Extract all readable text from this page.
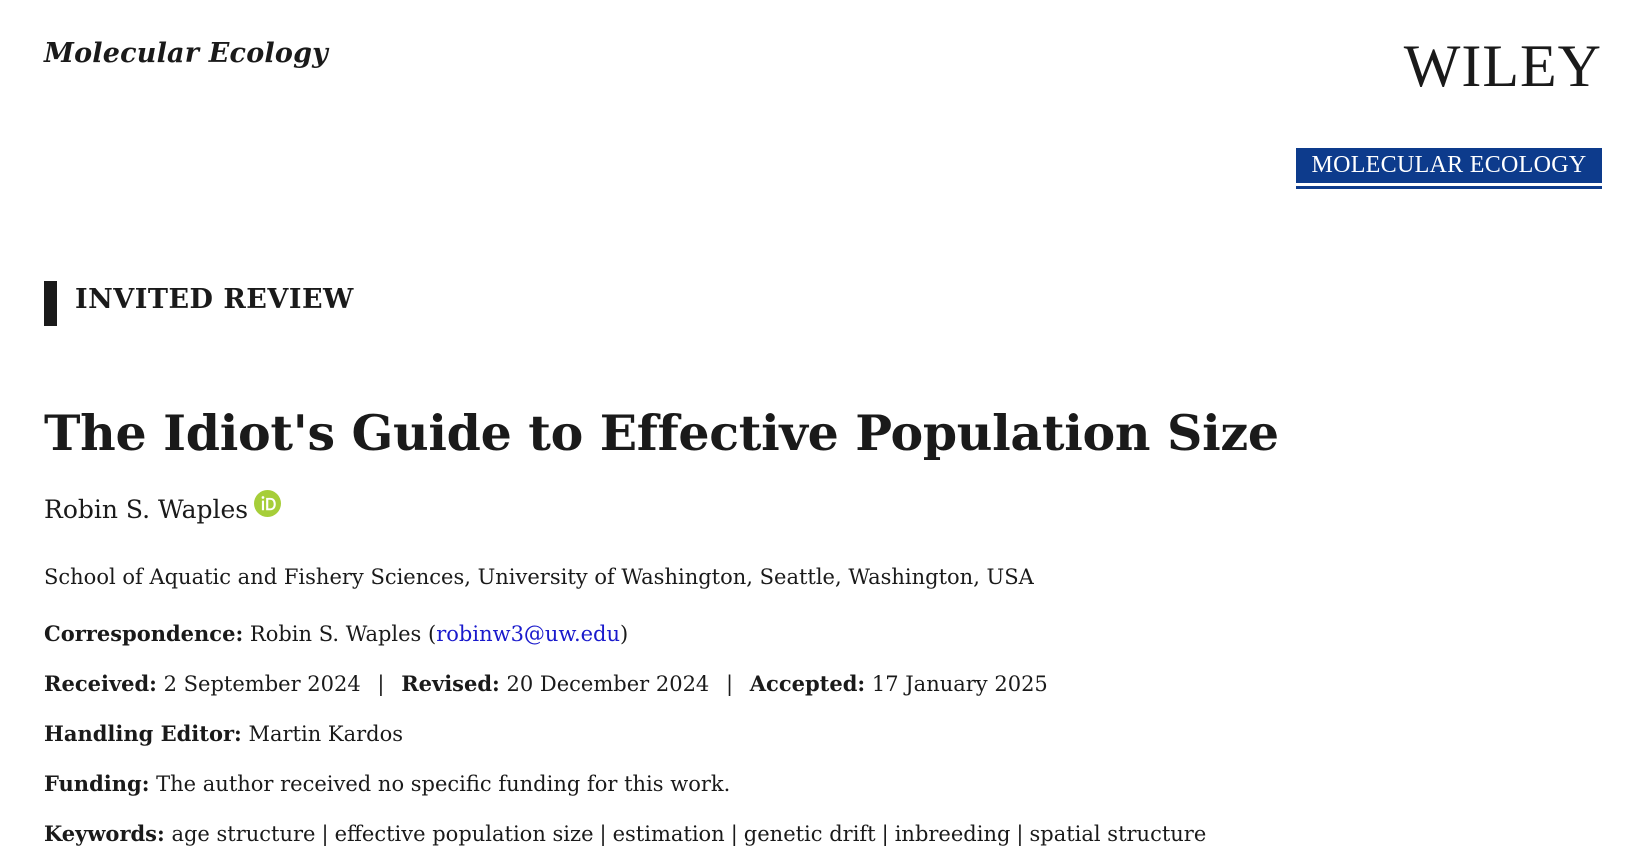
Molecular Ecology	WILEY
MOLECULAR ECOLOGY
INVITED REVIEW
The Idiot's Guide to Effective Population Size
Robin S. Waples
School of Aquatic and Fishery Sciences, University of Washington, Seattle, Washington, USA
Correspondence: Robin S. Waples (robinw3@uw.edu)
Received: 2 September 2024 | Revised: 20 December 2024 | Accepted: 17 January 2025
Handling Editor: Martin Kardos
Funding: The author received no specific funding for this work.
Keywords: age structure | effective population size | estimation | genetic drift | inbreeding | spatial structure
